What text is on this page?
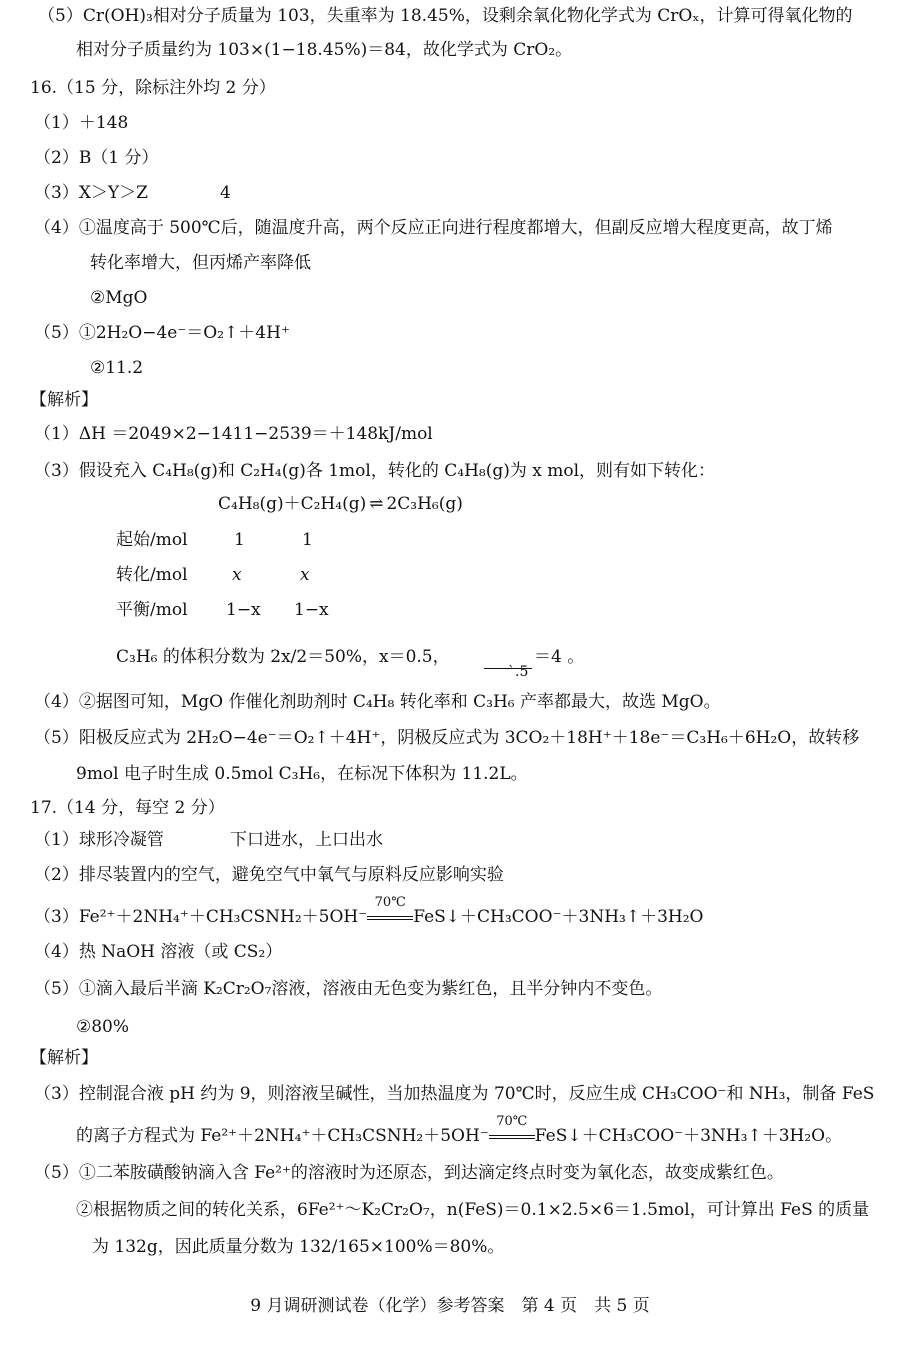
（5）Cr(OH)₃相对分子质量为 103，失重率为 18.45%，设剩余氧化物化学式为 CrOₓ，计算可得氧化物的
相对分子质量约为 103×(1−18.45%)＝84，故化学式为 CrO₂。
16.（15 分，除标注外均 2 分）
（1）＋148
（2）B（1 分）
（3）X＞Y＞Z	4
（4）①温度高于 500℃后，随温度升高，两个反应正向进行程度都增大，但副反应增大程度更高，故丁烯
转化率增大，但丙烯产率降低
②MgO
（5）①2H₂O−4e⁻＝O₂↑＋4H⁺
②11.2
【解析】
（1）ΔH ＝2049×2−1411−2539＝＋148kJ/mol
（3）假设充入 C₄H₈(g)和 C₂H₄(g)各 1mol，转化的 C₄H₈(g)为 x mol，则有如下转化：
C₄H₈(g)＋C₂H₄(g) ⇌ 2C₃H₆(g)
起始/mol	1	1
转化/mol	x	x
平衡/mol 1−x 1−x
C₃H₆ 的体积分数为 2x/2＝50%，x＝0.5，
`.5
＝4 。
（4）②据图可知，MgO 作催化剂助剂时 C₄H₈ 转化率和 C₃H₆ 产率都最大，故选 MgO。
（5）阳极反应式为 2H₂O−4e⁻＝O₂↑＋4H⁺，阴极反应式为 3CO₂＋18H⁺＋18e⁻＝C₃H₆＋6H₂O，故转移
9mol 电子时生成 0.5mol C₃H₆，在标况下体积为 11.2L。
17.（14 分，每空 2 分）
（1）球形冷凝管	下口进水，上口出水
（2）排尽装置内的空气，避免空气中氧气与原料反应影响实验
（3）Fe²⁺＋2NH₄⁺＋CH₃CSNH₂＋5OH⁻
70℃
FeS↓＋CH₃COO⁻＋3NH₃↑＋3H₂O
（4）热 NaOH 溶液（或 CS₂）
（5）①滴入最后半滴 K₂Cr₂O₇溶液，溶液由无色变为紫红色，且半分钟内不变色。
②80%
【解析】
（3）控制混合液 pH 约为 9，则溶液呈碱性，当加热温度为 70℃时，反应生成 CH₃COO⁻和 NH₃，制备 FeS
的离子方程式为 Fe²⁺＋2NH₄⁺＋CH₃CSNH₂＋5OH⁻
70℃
FeS↓＋CH₃COO⁻＋3NH₃↑＋3H₂O。
（5）①二苯胺磺酸钠滴入含 Fe²⁺的溶液时为还原态，到达滴定终点时变为氧化态，故变成紫红色。
②根据物质之间的转化关系，6Fe²⁺～K₂Cr₂O₇，n(FeS)＝0.1×2.5×6＝1.5mol，可计算出 FeS 的质量
为 132g，因此质量分数为 132/165×100%＝80%。
9 月调研测试卷（化学）参考答案　第 4 页　共 5 页
